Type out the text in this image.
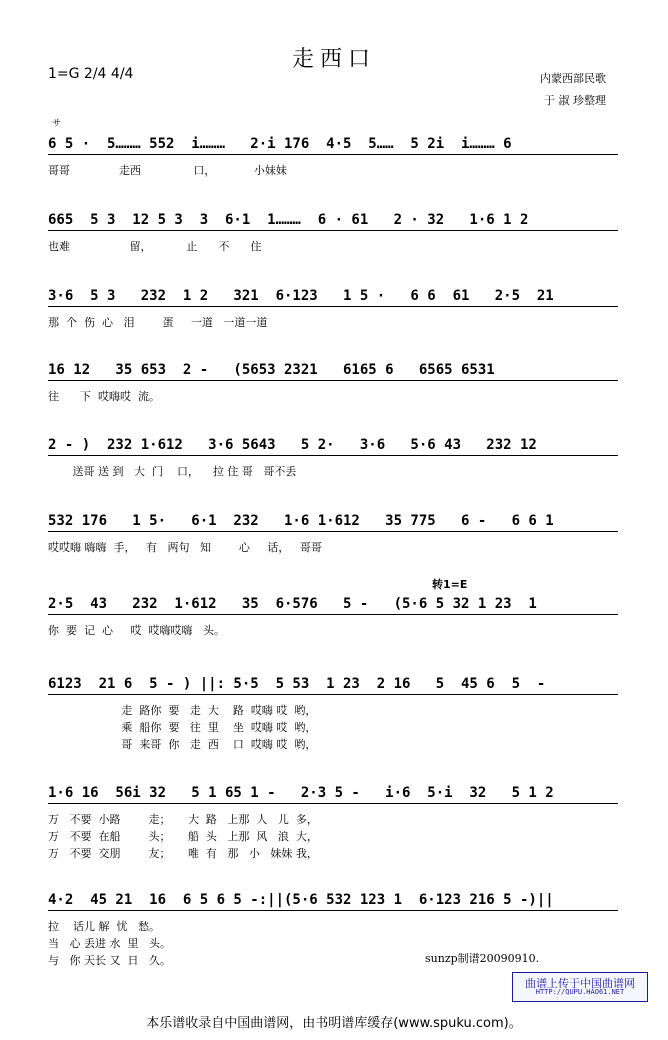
走西口
1=G 2/4 4/4	内蒙西部民歌
于 淑 珍整理
サ
6 5 ·  5……… 552  i………   2·i 176  4·5  5……  5 2i  i……… 6
哥哥              走西               口，           小妹妹
665  5 3  12 5 3  3  6·1  1………  6 · 61   2 · 32   1·6 1 2
也难                 留，          止      不      住
3·6  5 3   232  1 2   321  6·123   1 5 ·   6 6  61   2·5  21
那  个  伤  心   泪        蛋     一道   一道一道
16 12   35 653  2 -   (5653 2321   6165 6   6565 6531
往      下  哎嗨哎  流。
2 - )  232 1·612   3·6 5643   5 2·   3·6   5·6 43   232 12
送哥 送 到   大  门    口，    拉 住 哥   哥不丢
532 176   1 5·   6·1  232   1·6 1·612   35 775   6 -   6 6 1
哎哎嗨 嗨嗨  手，   有   两句   知        心     话，   哥哥
2·5  43   232  1·612   35  6·576   5 -   (5·6 5 32 1 23  1
你  要  记  心     哎  哎嗨哎嗨   头。
6123  21 6  5 - ) ||: 5·5  5 53  1 23  2 16   5  45 6  5  -
走  路你  要   走  大    路  哎嗨 哎  哟，
乘  船你  要   往  里    坐  哎嗨 哎  哟，
哥  来哥  你   走  西    口  哎嗨 哎  哟，
1·6 16  56i 32   5 1 65 1 -   2·3 5 -   i·6  5·i  32   5 1 2
万   不要  小路        走；     大  路   上那  人   儿  多，
万   不要  在船        头；     船  头   上那  风   浪  大，
万   不要  交朋        友；     唯  有   那   小   妹妹 我，
4·2  45 21  16  6 5 6 5 -:||(5·6 532 123 1  6·123 216 5 -)||
拉    话儿 解  忧   愁。
当   心 丢进 水  里   头。
与   你 天长 又  日   久。
转1=E
sunzp制谱20090910.
曲谱上传于中国曲谱网
HTTP://QUPU.HAO61.NET
本乐谱收录自中国曲谱网，由书明谱库缓存(www.spuku.com)。
